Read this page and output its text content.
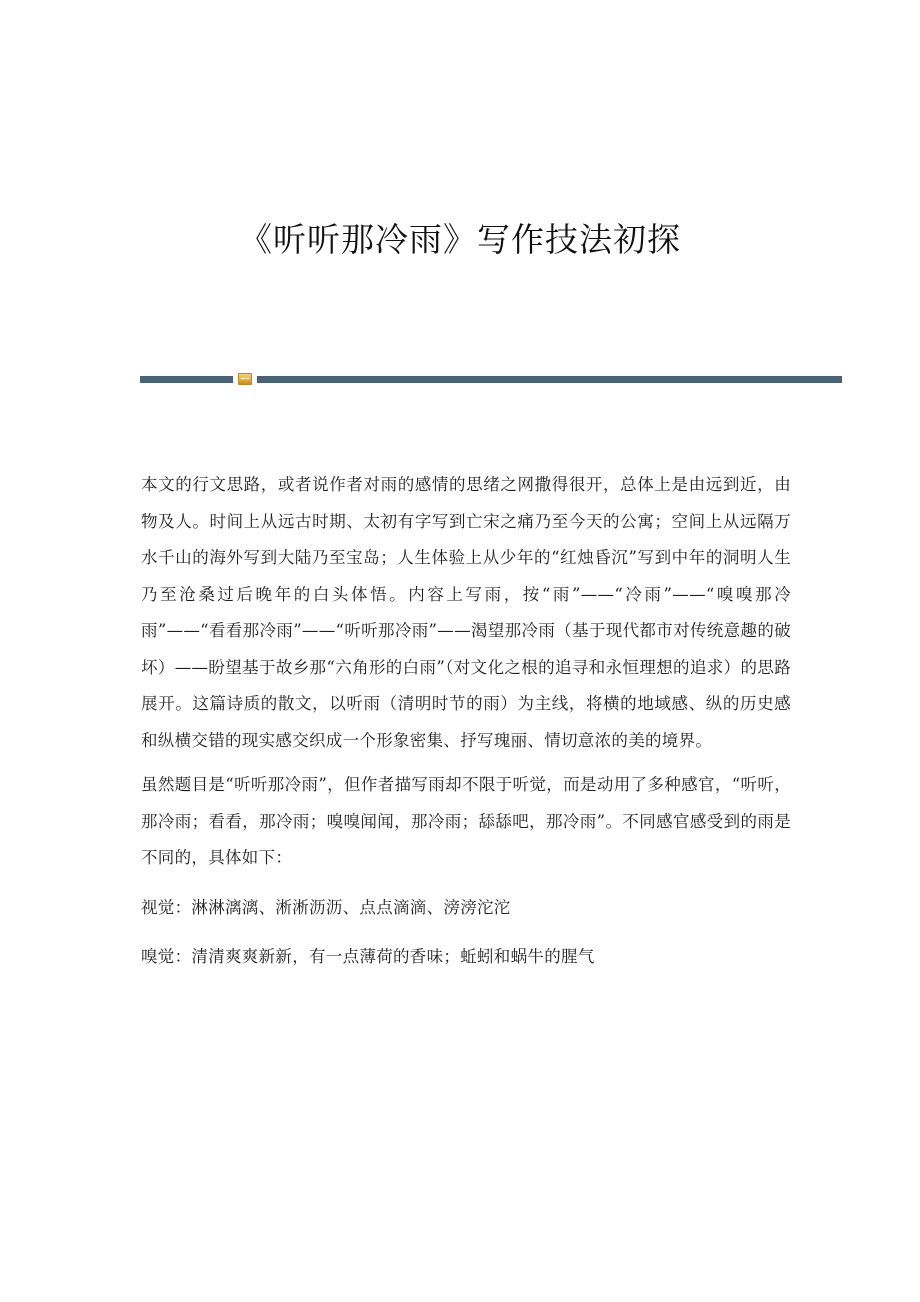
《听听那冷雨》写作技法初探

本文的行文思路，或者说作者对雨的感情的思绪之网撒得很开，总体上是由远到近，由物及人。时间上从远古时期、太初有字写到亡宋之痛乃至今天的公寓；空间上从远隔万水千山的海外写到大陆乃至宝岛；人生体验上从少年的“红烛昏沉”写到中年的洞明人生乃至沧桑过后晚年的白头体悟。内容上写雨，按“雨”——“冷雨”——“嗅嗅那冷雨”——“看看那冷雨”——“听听那冷雨”——渴望那冷雨（基于现代都市对传统意趣的破坏）——盼望基于故乡那“六角形的白雨”（对文化之根的追寻和永恒理想的追求）的思路展开。这篇诗质的散文，以听雨（清明时节的雨）为主线，将横的地域感、纵的历史感和纵横交错的现实感交织成一个形象密集、抒写瑰丽、情切意浓的美的境界。

虽然题目是“听听那冷雨”，但作者描写雨却不限于听觉，而是动用了多种感官，“听听，那冷雨；看看，那冷雨；嗅嗅闻闻，那冷雨；舔舔吧，那冷雨”。不同感官感受到的雨是不同的，具体如下：

视觉：淋淋漓漓、淅淅沥沥、点点滴滴、滂滂沱沱

嗅觉：清清爽爽新新，有一点薄荷的香味；蚯蚓和蜗牛的腥气
